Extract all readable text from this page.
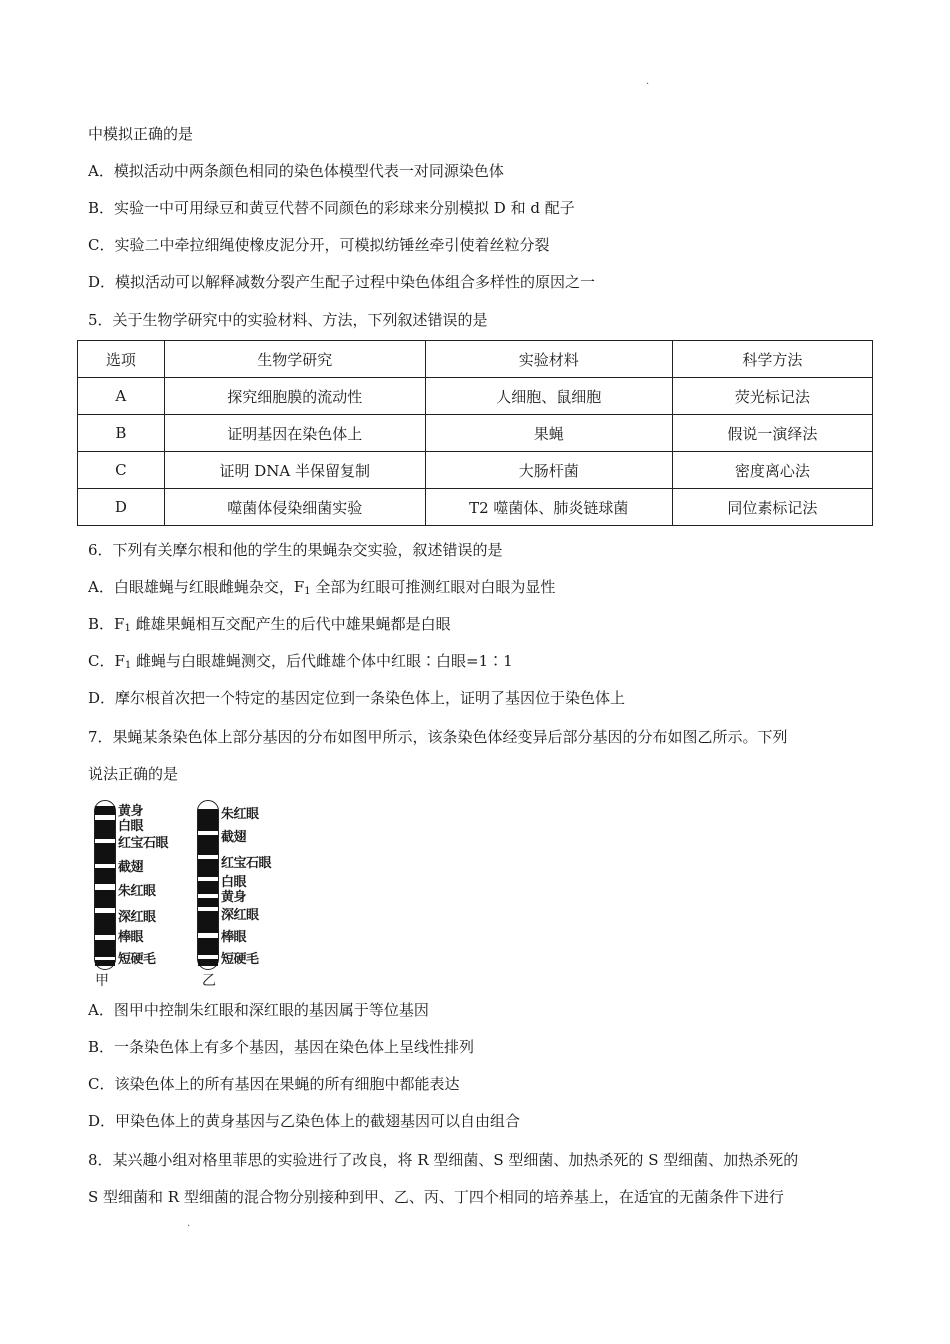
.
中模拟正确的是
A．模拟活动中两条颜色相同的染色体模型代表一对同源染色体
B．实验一中可用绿豆和黄豆代替不同颜色的彩球来分别模拟 D 和 d 配子
C．实验二中牵拉细绳使橡皮泥分开，可模拟纺锤丝牵引使着丝粒分裂
D．模拟活动可以解释减数分裂产生配子过程中染色体组合多样性的原因之一
5．关于生物学研究中的实验材料、方法，下列叙述错误的是
选项	生物学研究	实验材料	科学方法
A	探究细胞膜的流动性	人细胞、鼠细胞	荧光标记法
B	证明基因在染色体上	果蝇	假说一演绎法
C	证明 DNA 半保留复制	大肠杆菌	密度离心法
D	噬菌体侵染细菌实验	T2 噬菌体、肺炎链球菌	同位素标记法
6．下列有关摩尔根和他的学生的果蝇杂交实验，叙述错误的是
A．白眼雄蝇与红眼雌蝇杂交，$F_1$ 全部为红眼可推测红眼对白眼为显性
B．$F_1$ 雌雄果蝇相互交配产生的后代中雄果蝇都是白眼
C．$F_1$ 雌蝇与白眼雄蝇测交，后代雌雄个体中红眼∶白眼=1∶1
D．摩尔根首次把一个特定的基因定位到一条染色体上，证明了基因位于染色体上
7．果蝇某条染色体上部分基因的分布如图甲所示，该条染色体经变异后部分基因的分布如图乙所示。下列
说法正确的是
黄身
白眼
红宝石眼
截翅
朱红眼
深红眼
棒眼
短硬毛
甲
朱红眼
截翅
红宝石眼
白眼
黄身
深红眼
棒眼
短硬毛
乙
A．图甲中控制朱红眼和深红眼的基因属于等位基因
B．一条染色体上有多个基因，基因在染色体上呈线性排列
C．该染色体上的所有基因在果蝇的所有细胞中都能表达
D．甲染色体上的黄身基因与乙染色体上的截翅基因可以自由组合
8．某兴趣小组对格里菲思的实验进行了改良，将 R 型细菌、S 型细菌、加热杀死的 S 型细菌、加热杀死的
S 型细菌和 R 型细菌的混合物分别接种到甲、乙、丙、丁四个相同的培养基上，在适宜的无菌条件下进行
.
